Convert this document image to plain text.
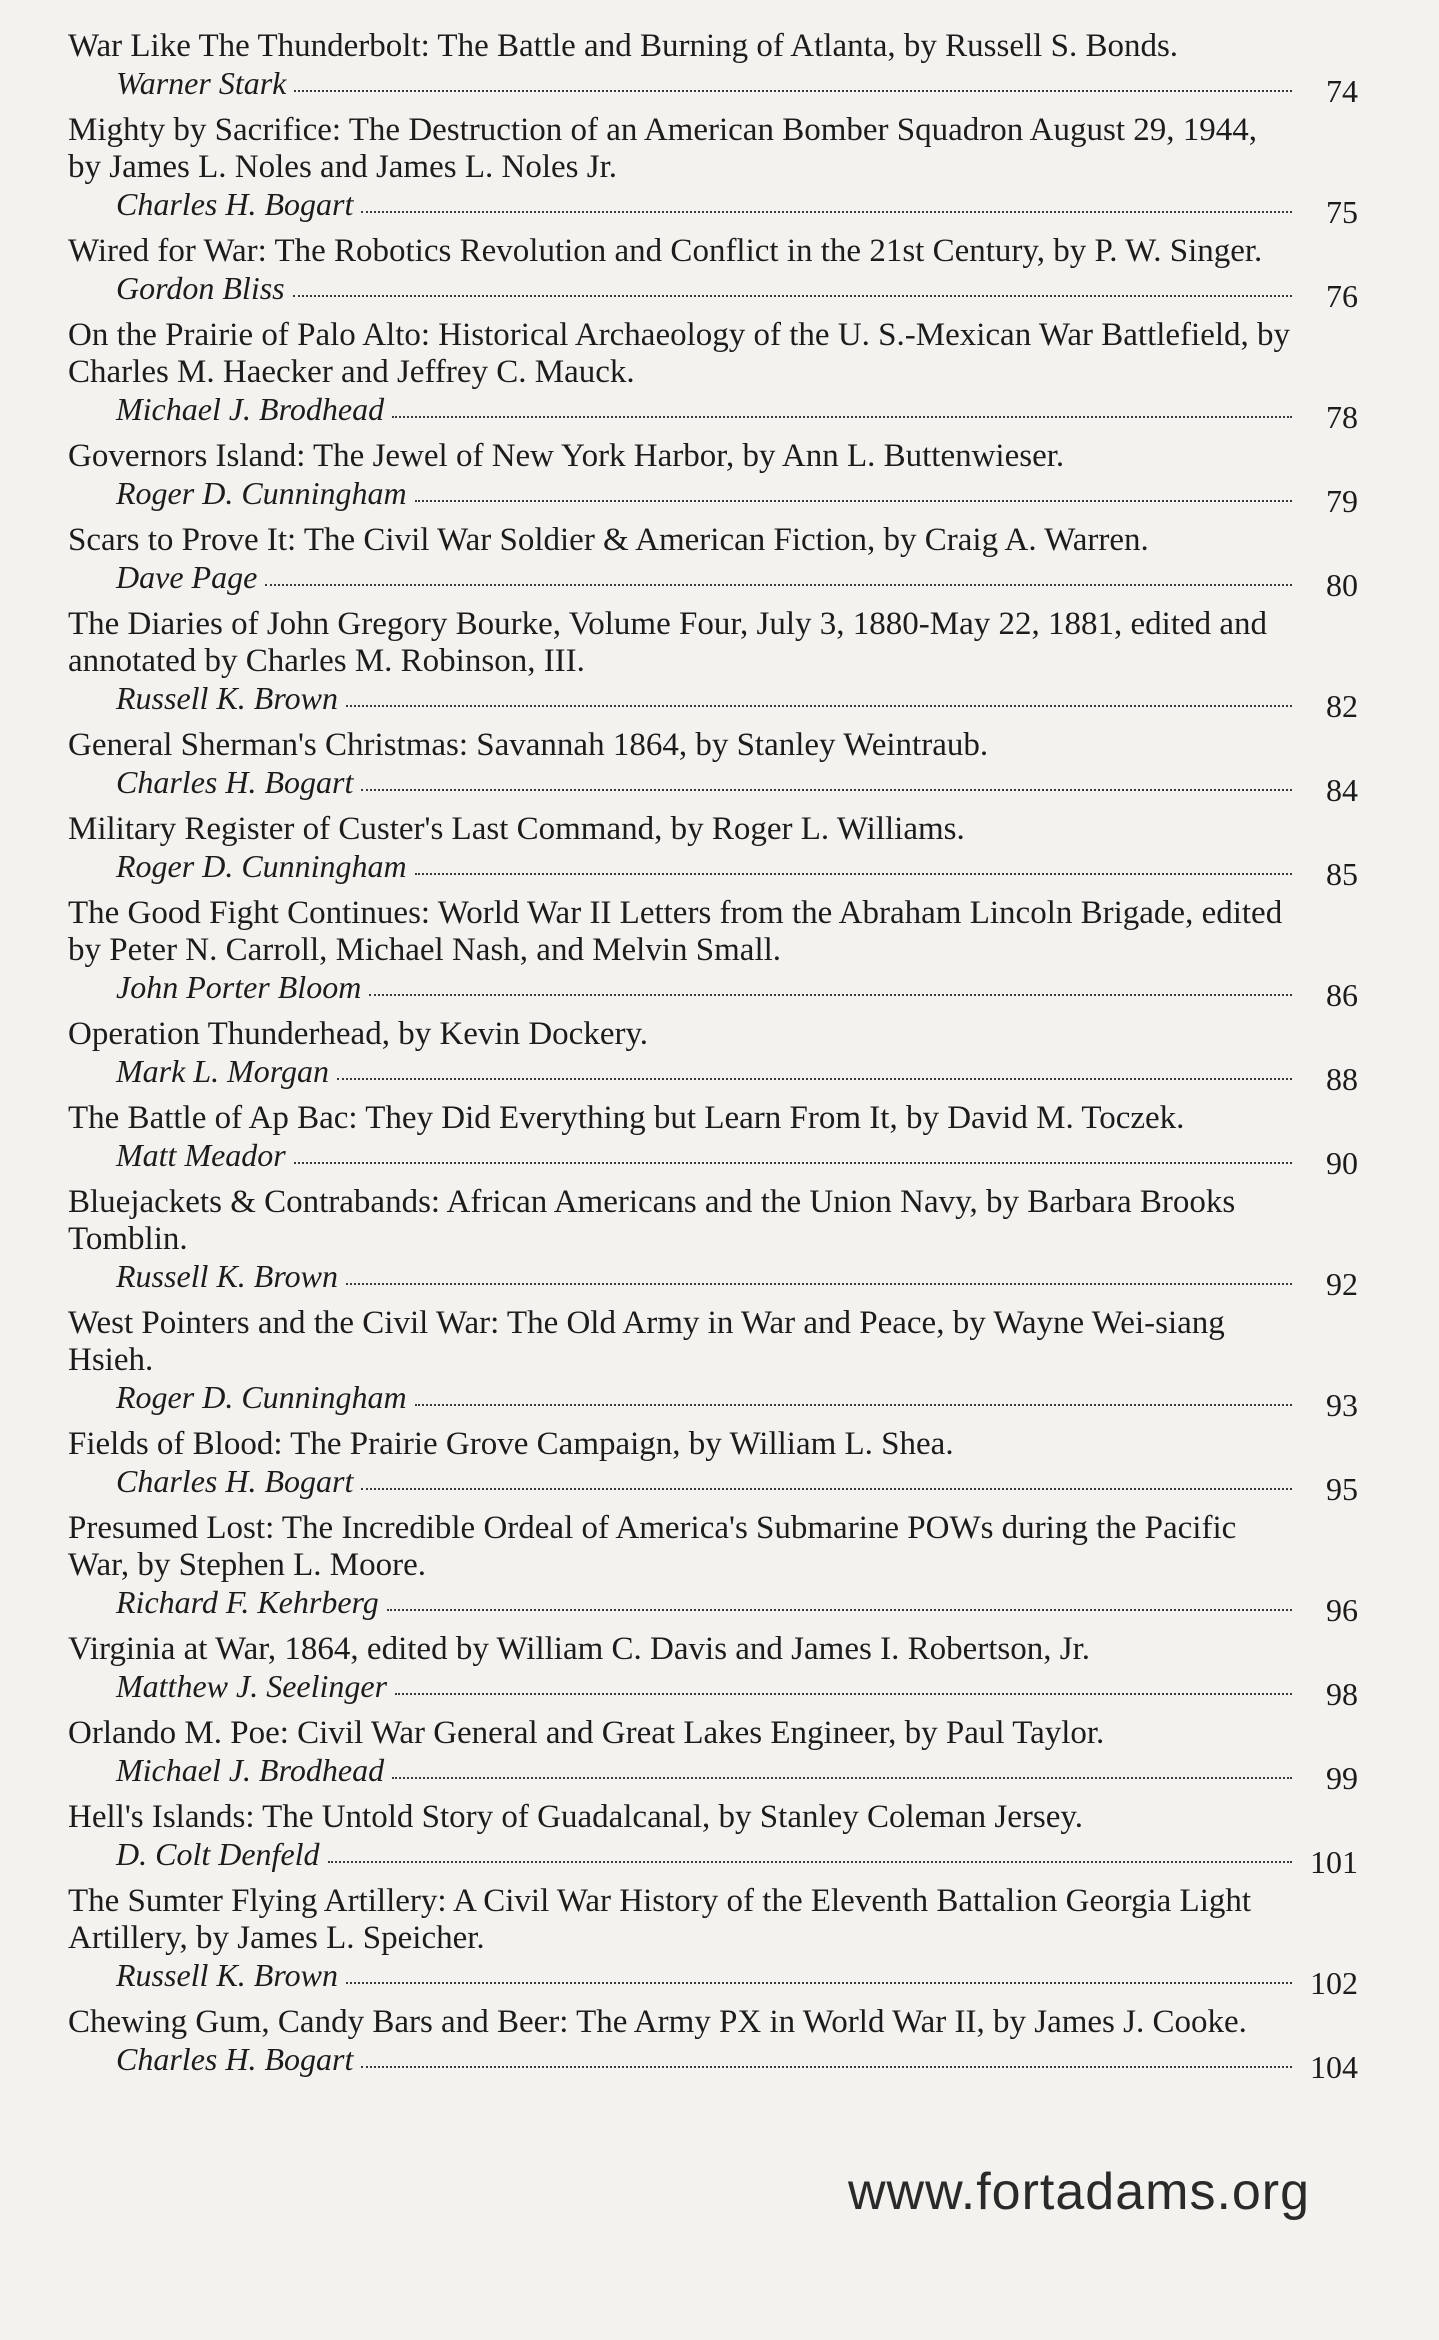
War Like The Thunderbolt: The Battle and Burning of Atlanta, by Russell S. Bonds.
Warner Stark	74
Mighty by Sacrifice: The Destruction of an American Bomber Squadron August 29, 1944, by James L. Noles and James L. Noles Jr.
Charles H. Bogart	75
Wired for War: The Robotics Revolution and Conflict in the 21st Century, by P. W. Singer.
Gordon Bliss	76
On the Prairie of Palo Alto: Historical Archaeology of the U. S.-Mexican War Battlefield, by Charles M. Haecker and Jeffrey C. Mauck.
Michael J. Brodhead	78
Governors Island: The Jewel of New York Harbor, by Ann L. Buttenwieser.
Roger D. Cunningham	79
Scars to Prove It: The Civil War Soldier & American Fiction, by Craig A. Warren.
Dave Page	80
The Diaries of John Gregory Bourke, Volume Four, July 3, 1880-May 22, 1881, edited and annotated by Charles M. Robinson, III.
Russell K. Brown	82
General Sherman's Christmas: Savannah 1864, by Stanley Weintraub.
Charles H. Bogart	84
Military Register of Custer's Last Command, by Roger L. Williams.
Roger D. Cunningham	85
The Good Fight Continues: World War II Letters from the Abraham Lincoln Brigade, edited by Peter N. Carroll, Michael Nash, and Melvin Small.
John Porter Bloom	86
Operation Thunderhead, by Kevin Dockery.
Mark L. Morgan	88
The Battle of Ap Bac: They Did Everything but Learn From It, by David M. Toczek.
Matt Meador	90
Bluejackets & Contrabands: African Americans and the Union Navy, by Barbara Brooks Tomblin.
Russell K. Brown	92
West Pointers and the Civil War: The Old Army in War and Peace, by Wayne Wei-siang Hsieh.
Roger D. Cunningham	93
Fields of Blood: The Prairie Grove Campaign, by William L. Shea.
Charles H. Bogart	95
Presumed Lost: The Incredible Ordeal of America's Submarine POWs during the Pacific War, by Stephen L. Moore.
Richard F. Kehrberg	96
Virginia at War, 1864, edited by William C. Davis and James I. Robertson, Jr.
Matthew J. Seelinger	98
Orlando M. Poe: Civil War General and Great Lakes Engineer, by Paul Taylor.
Michael J. Brodhead	99
Hell's Islands: The Untold Story of Guadalcanal, by Stanley Coleman Jersey.
D. Colt Denfeld	101
The Sumter Flying Artillery: A Civil War History of the Eleventh Battalion Georgia Light Artillery, by James L. Speicher.
Russell K. Brown	102
Chewing Gum, Candy Bars and Beer: The Army PX in World War II, by James J. Cooke.
Charles H. Bogart	104
www.fortadams.org
